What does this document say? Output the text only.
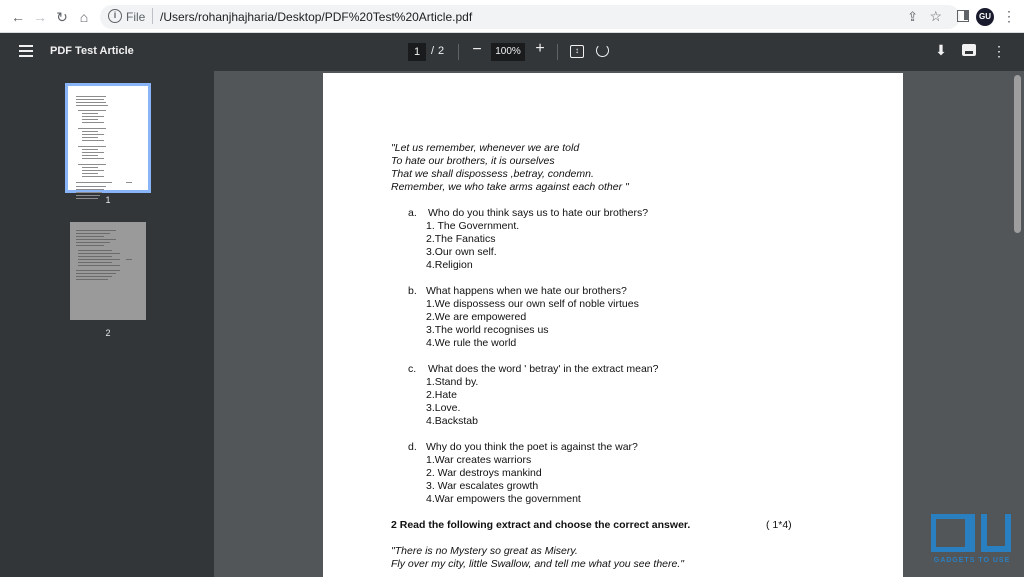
← → ↻ ⌂	i File /Users/rohanjhajharia/Desktop/PDF%20Test%20Article.pdf	⇪ ☆	GU ⋮
PDF Test Article	1 / 2 −	100% +	↕	⬇	⋮
1
2
"Let us remember, whenever we are told
To hate our brothers, it is ourselves
That we shall dispossess ,betray, condemn.
Remember, we who take arms against each other "
a. Who do you think says us to hate our brothers?
1. The Government.
2.The Fanatics
3.Our own self.
4.Religion
b. What happens when we hate our brothers?
1.We dispossess our own self of noble virtues
2.We are empowered
3.The world recognises us
4.We rule the world
c. What does the word ' betray' in the extract mean?
1.Stand by.
2.Hate
3.Love.
4.Backstab
d. Why do you think the poet is against the war?
1.War creates warriors
2. War destroys mankind
3. War escalates growth
4.War empowers the government
2 Read the following extract and choose the correct answer.	( 1*4)
"There is no Mystery so great as Misery.
Fly over my city, little Swallow, and tell me what you see there."	GADGETS TO USE
